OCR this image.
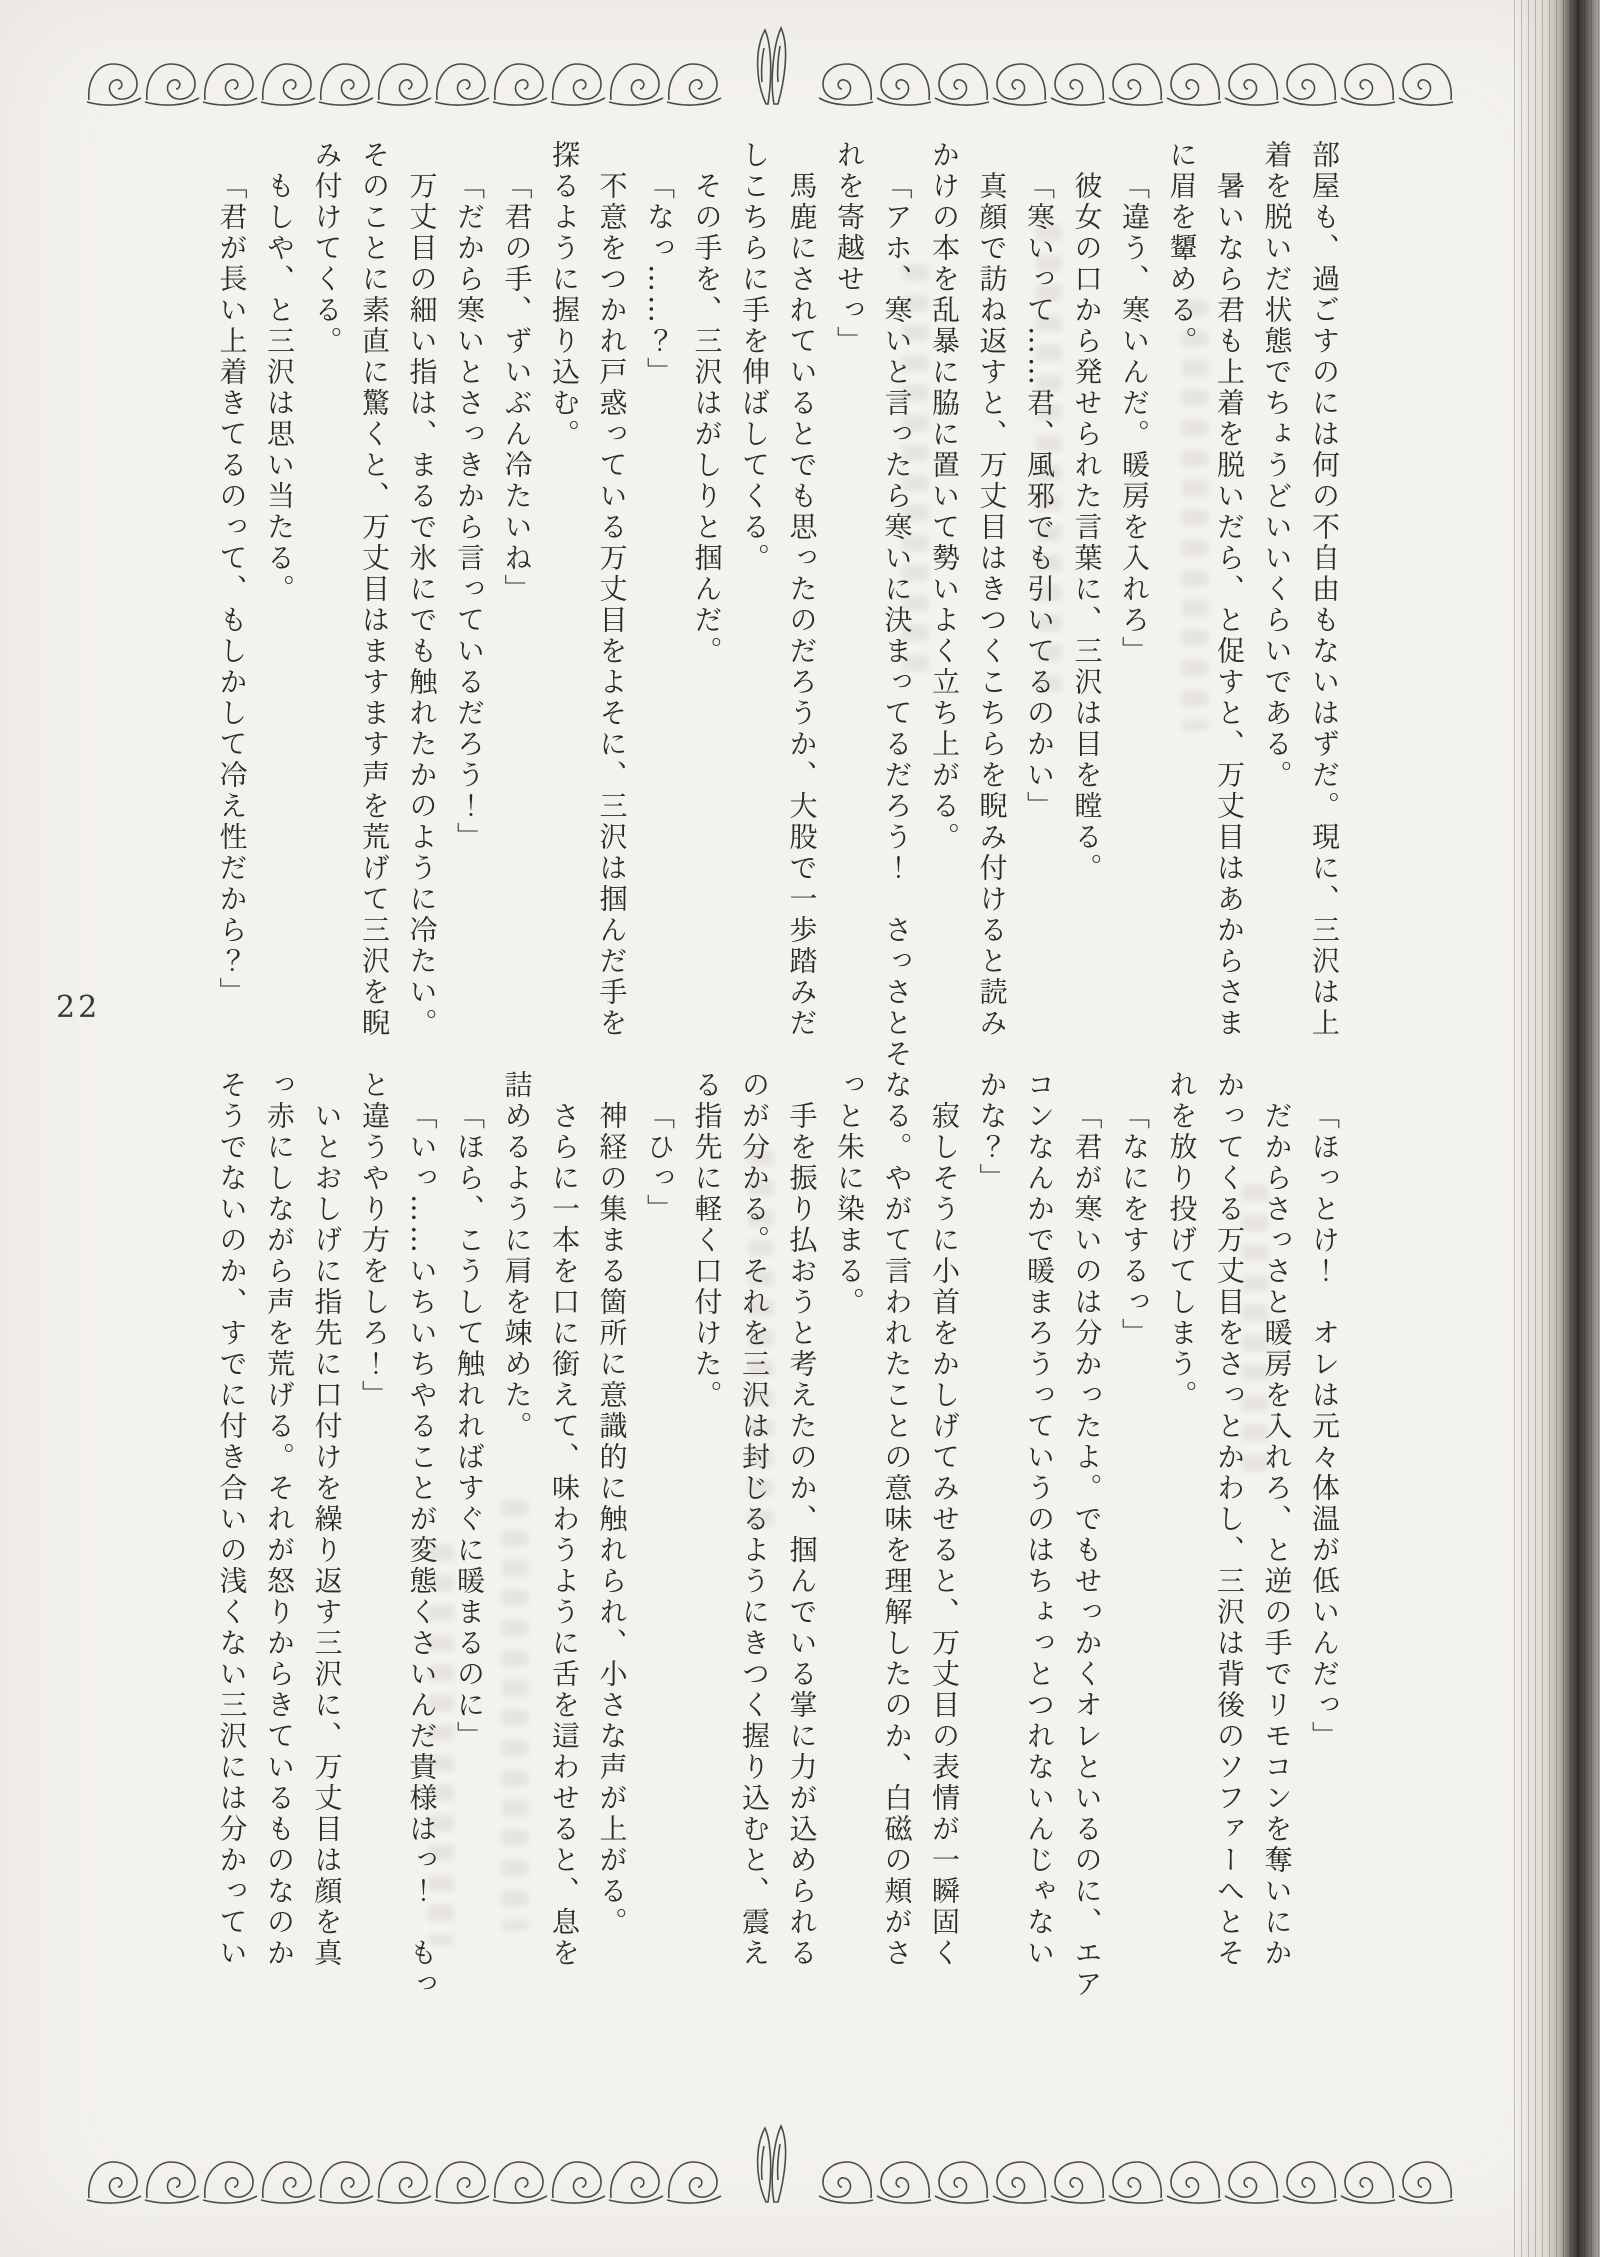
部屋も、過ごすのには何の不自由もないはずだ。現に、三沢は上

着を脱いだ状態でちょうどいいくらいである。

暑いなら君も上着を脱いだら、と促すと、万丈目はあからさま

に眉を顰める。

「違う、寒いんだ。暖房を入れろ」

彼女の口から発せられた言葉に、三沢は目を瞠る。

「寒いって……君、風邪でも引いてるのかい」

真顔で訪ね返すと、万丈目はきつくこちらを睨み付けると読み

かけの本を乱暴に脇に置いて勢いよく立ち上がる。

「アホ、寒いと言ったら寒いに決まってるだろう！　さっさとそ

れを寄越せっ」

馬鹿にされているとでも思ったのだろうか、大股で一歩踏みだ

しこちらに手を伸ばしてくる。

その手を、三沢はがしりと掴んだ。

「なっ……？」

不意をつかれ戸惑っている万丈目をよそに、三沢は掴んだ手を

探るように握り込む。

「君の手、ずいぶん冷たいね」

「だから寒いとさっきから言っているだろう！」

万丈目の細い指は、まるで氷にでも触れたかのように冷たい。

そのことに素直に驚くと、万丈目はますます声を荒げて三沢を睨

み付けてくる。

もしや、と三沢は思い当たる。

「君が長い上着きてるのって、もしかして冷え性だから？」

「ほっとけ！　オレは元々体温が低いんだっ」

だからさっさと暖房を入れろ、と逆の手でリモコンを奪いにか

かってくる万丈目をさっとかわし、三沢は背後のソファーへとそ

れを放り投げてしまう。

「なにをするっ」

「君が寒いのは分かったよ。でもせっかくオレといるのに、エア

コンなんかで暖まろうっていうのはちょっとつれないんじゃない

かな？」

寂しそうに小首をかしげてみせると、万丈目の表情が一瞬固く

なる。やがて言われたことの意味を理解したのか、白磁の頬がさ

っと朱に染まる。

手を振り払おうと考えたのか、掴んでいる掌に力が込められる

のが分かる。それを三沢は封じるようにきつく握り込むと、震え

る指先に軽く口付けた。

「ひっ」

神経の集まる箇所に意識的に触れられ、小さな声が上がる。

さらに一本を口に銜えて、味わうように舌を這わせると、息を

詰めるように肩を竦めた。

「ほら、こうして触れればすぐに暖まるのに」

「いっ……いちいちやることが変態くさいんだ貴様はっ！　もっ

と違うやり方をしろ！」

いとおしげに指先に口付けを繰り返す三沢に、万丈目は顔を真

っ赤にしながら声を荒げる。それが怒りからきているものなのか

そうでないのか、すでに付き合いの浅くない三沢には分かってい

22
